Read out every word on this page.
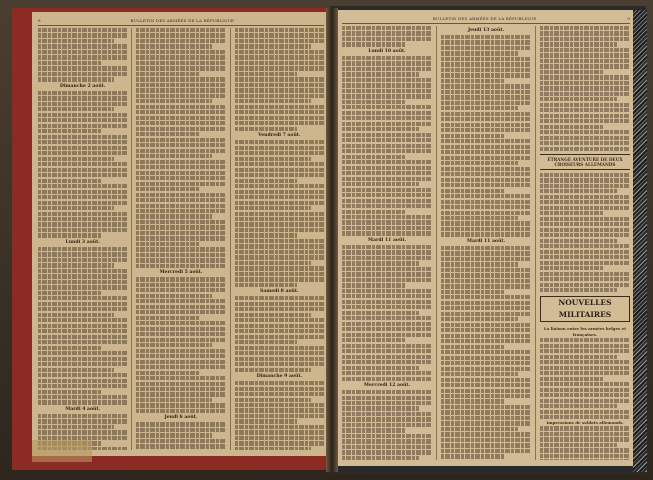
8	BULLETIN DES ARMÉES DE LA RÉPUBLIQUE
Dimanche 2 août.
Lundi 3 août.
Mardi 4 août.
Mercredi 5 août.
Jeudi 6 août.
Vendredi 7 août.
Samedi 8 août.
Dimanche 9 août.
BULLETIN DES ARMÉES DE LA RÉPUBLIQUE	9
Lundi 10 août.
Mardi 11 août.
Mercredi 12 août.
Jeudi 13 août.
Mardi 11 août.
ÉTRANGE AVENTURE DE DEUX CROISEURS ALLEMANDS
NOUVELLES MILITAIRES
La liaison entre les armées belges et françaises.
Impressions de soldats allemands.
